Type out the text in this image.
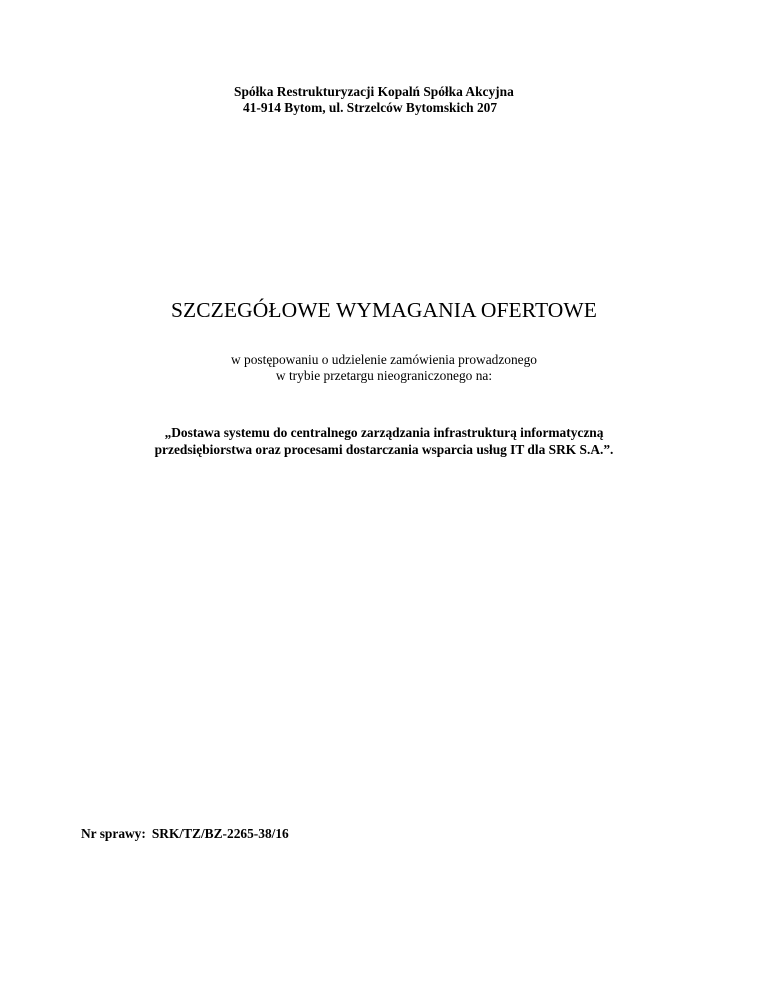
Spółka Restrukturyzacji Kopalń Spółka Akcyjna
41-914 Bytom, ul. Strzelców Bytomskich 207
SZCZEGÓŁOWE WYMAGANIA OFERTOWE
w postępowaniu o udzielenie zamówienia prowadzonego
w trybie przetargu nieograniczonego na:
„Dostawa systemu do centralnego zarządzania infrastrukturą informatyczną
przedsiębiorstwa oraz procesami dostarczania wsparcia usług IT dla SRK S.A.”.
Nr sprawy: SRK/TZ/BZ-2265-38/16
